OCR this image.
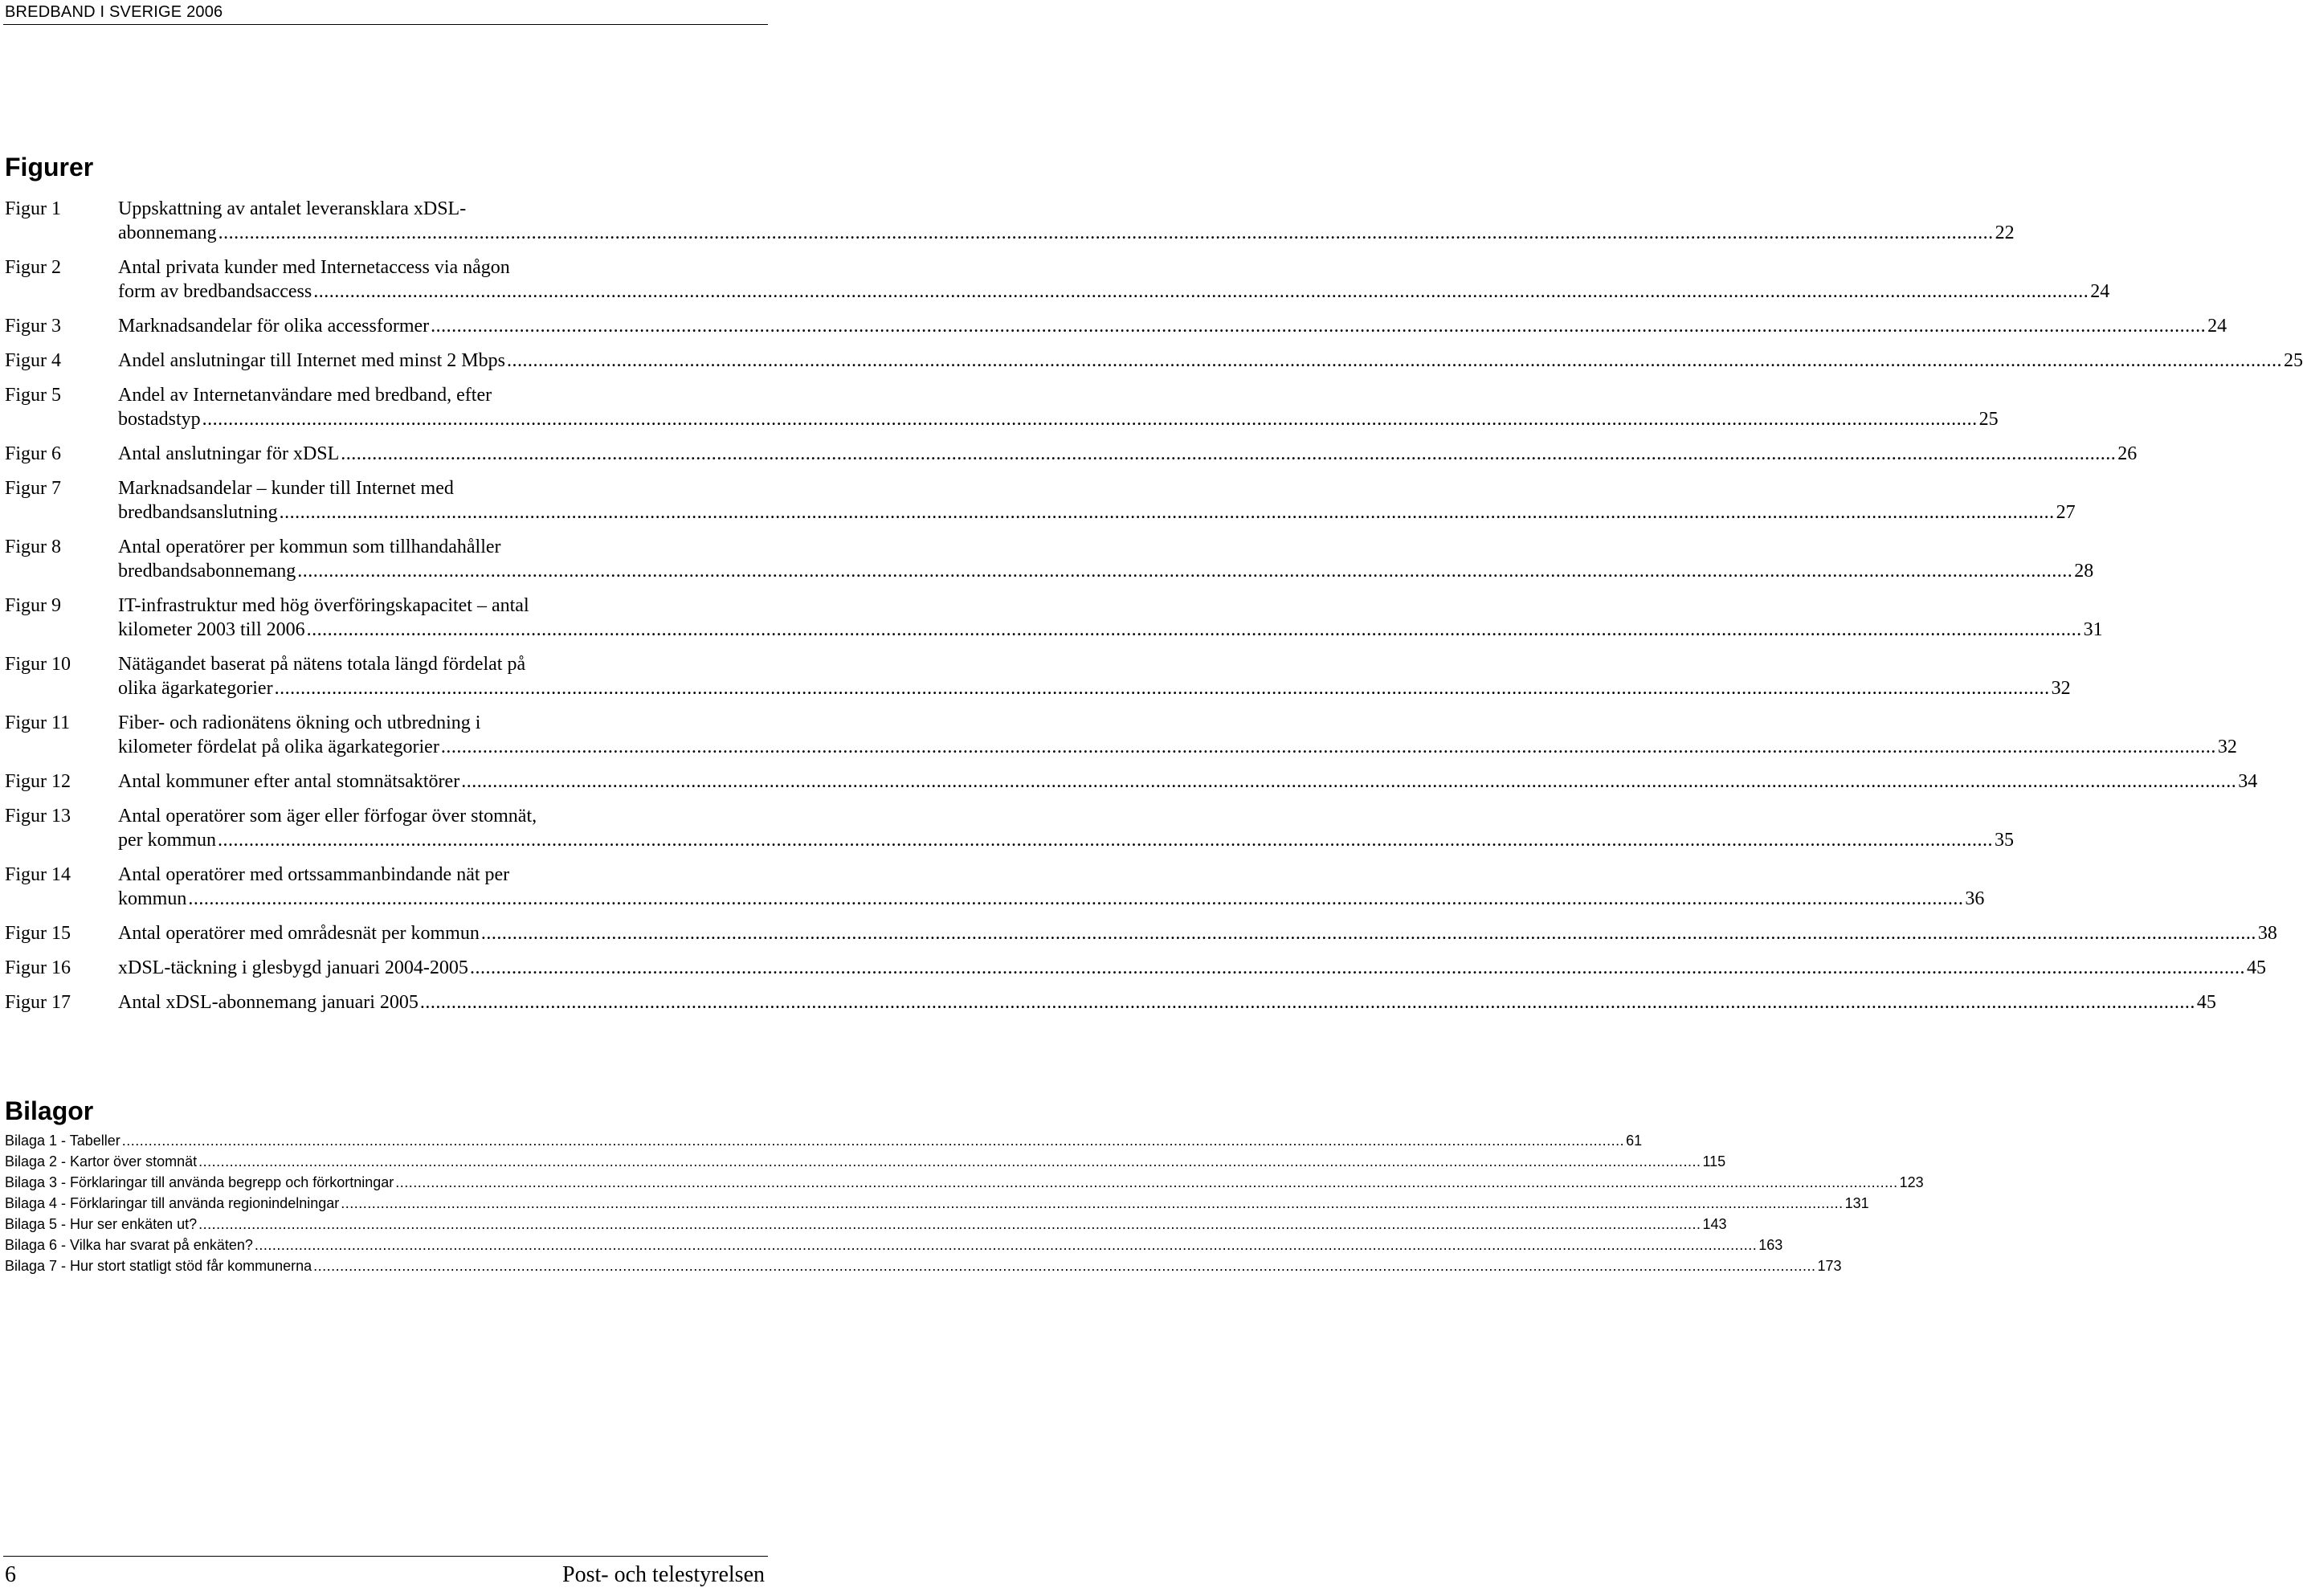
BREDBAND I SVERIGE 2006
Figurer
Figur 1	Uppskattning av antalet leveransklara xDSL-
abonnemang .....	22
Figur 2	Antal privata kunder med Internetaccess via någon
form av bredbandsaccess .....	24
Figur 3	Marknadsandelar för olika accessformer .....	24
Figur 4	Andel anslutningar till Internet med minst 2 Mbps .....	25
Figur 5	Andel av Internetanvändare med bredband, efter
bostadstyp .....	25
Figur 6	Antal anslutningar för xDSL .....	26
Figur 7	Marknadsandelar – kunder till Internet med
bredbandsanslutning .....	27
Figur 8	Antal operatörer per kommun som tillhandahåller
bredbandsabonnemang .....	28
Figur 9	IT-infrastruktur med hög överföringskapacitet – antal
kilometer 2003 till 2006 .....	31
Figur 10	Nätägandet baserat på nätens totala längd fördelat på
olika ägarkategorier .....	32
Figur 11	Fiber- och radionätens ökning och utbredning i
kilometer fördelat på olika ägarkategorier .....	32
Figur 12	Antal kommuner efter antal stomnätsaktörer .....	34
Figur 13	Antal operatörer som äger eller förfogar över stomnät,
per kommun .....	35
Figur 14	Antal operatörer med ortssammanbindande nät per
kommun .....	36
Figur 15	Antal operatörer med områdesnät per kommun .....	38
Figur 16	xDSL-täckning i glesbygd januari 2004-2005 .....	45
Figur 17	Antal xDSL-abonnemang januari 2005 .....	45
Bilagor
Bilaga 1 - Tabeller .....	61
Bilaga 2 - Kartor över stomnät .....	115
Bilaga 3 - Förklaringar till använda begrepp och förkortningar .....	123
Bilaga 4 - Förklaringar till använda regionindelningar .....	131
Bilaga 5 - Hur ser enkäten ut? .....	143
Bilaga 6 - Vilka har svarat på enkäten? .....	163
Bilaga 7 - Hur stort statligt stöd får kommunerna .....	173
6	Post- och telestyrelsen
